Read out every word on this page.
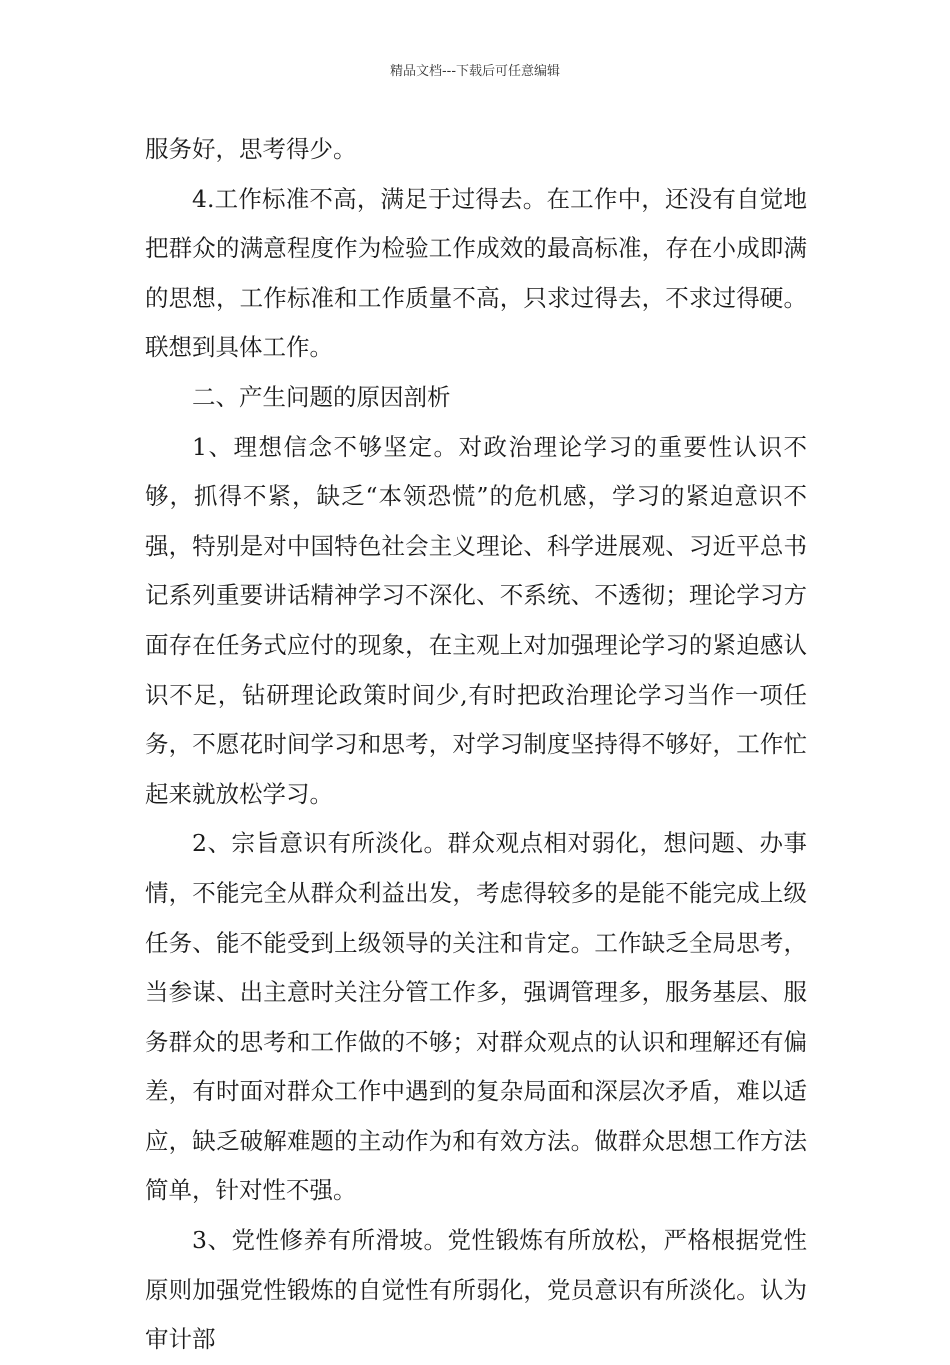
精品文档---下载后可任意编辑

服务好，思考得少。

4.工作标准不高，满足于过得去。在工作中，还没有自觉地把群众的满意程度作为检验工作成效的最高标准，存在小成即满的思想，工作标准和工作质量不高，只求过得去，不求过得硬。联想到具体工作。

二、产生问题的原因剖析

1、理想信念不够坚定。对政治理论学习的重要性认识不够，抓得不紧，缺乏“本领恐慌”的危机感，学习的紧迫意识不强，特别是对中国特色社会主义理论、科学进展观、习近平总书记系列重要讲话精神学习不深化、不系统、不透彻；理论学习方面存在任务式应付的现象，在主观上对加强理论学习的紧迫感认识不足，钻研理论政策时间少,有时把政治理论学习当作一项任务，不愿花时间学习和思考，对学习制度坚持得不够好，工作忙起来就放松学习。

2、宗旨意识有所淡化。群众观点相对弱化，想问题、办事情，不能完全从群众利益出发，考虑得较多的是能不能完成上级任务、能不能受到上级领导的关注和肯定。工作缺乏全局思考，当参谋、出主意时关注分管工作多，强调管理多，服务基层、服务群众的思考和工作做的不够；对群众观点的认识和理解还有偏差，有时面对群众工作中遇到的复杂局面和深层次矛盾，难以适应，缺乏破解难题的主动作为和有效方法。做群众思想工作方法简单，针对性不强。

3、党性修养有所滑坡。党性锻炼有所放松，严格根据党性原则加强党性锻炼的自觉性有所弱化，党员意识有所淡化。认为审计部
